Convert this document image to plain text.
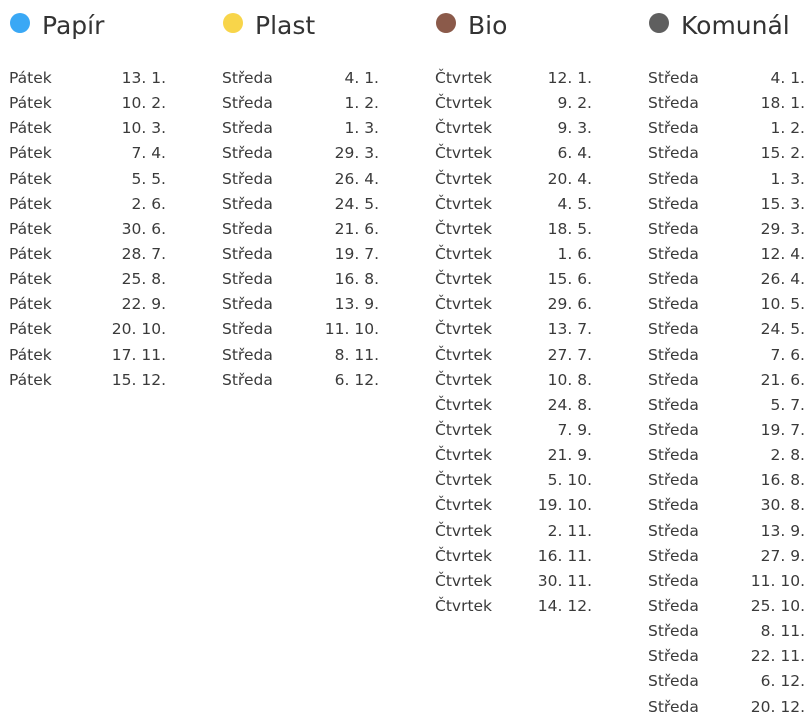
Papír
Pátek	13. 1.
Pátek	10. 2.
Pátek	10. 3.
Pátek	7. 4.
Pátek	5. 5.
Pátek	2. 6.
Pátek	30. 6.
Pátek	28. 7.
Pátek	25. 8.
Pátek	22. 9.
Pátek	20. 10.
Pátek	17. 11.
Pátek	15. 12.
Plast
Středa	4. 1.
Středa	1. 2.
Středa	1. 3.
Středa	29. 3.
Středa	26. 4.
Středa	24. 5.
Středa	21. 6.
Středa	19. 7.
Středa	16. 8.
Středa	13. 9.
Středa	11. 10.
Středa	8. 11.
Středa	6. 12.
Bio
Čtvrtek	12. 1.
Čtvrtek	9. 2.
Čtvrtek	9. 3.
Čtvrtek	6. 4.
Čtvrtek	20. 4.
Čtvrtek	4. 5.
Čtvrtek	18. 5.
Čtvrtek	1. 6.
Čtvrtek	15. 6.
Čtvrtek	29. 6.
Čtvrtek	13. 7.
Čtvrtek	27. 7.
Čtvrtek	10. 8.
Čtvrtek	24. 8.
Čtvrtek	7. 9.
Čtvrtek	21. 9.
Čtvrtek	5. 10.
Čtvrtek	19. 10.
Čtvrtek	2. 11.
Čtvrtek	16. 11.
Čtvrtek	30. 11.
Čtvrtek	14. 12.
Komunál
Středa	4. 1.
Středa	18. 1.
Středa	1. 2.
Středa	15. 2.
Středa	1. 3.
Středa	15. 3.
Středa	29. 3.
Středa	12. 4.
Středa	26. 4.
Středa	10. 5.
Středa	24. 5.
Středa	7. 6.
Středa	21. 6.
Středa	5. 7.
Středa	19. 7.
Středa	2. 8.
Středa	16. 8.
Středa	30. 8.
Středa	13. 9.
Středa	27. 9.
Středa	11. 10.
Středa	25. 10.
Středa	8. 11.
Středa	22. 11.
Středa	6. 12.
Středa	20. 12.
